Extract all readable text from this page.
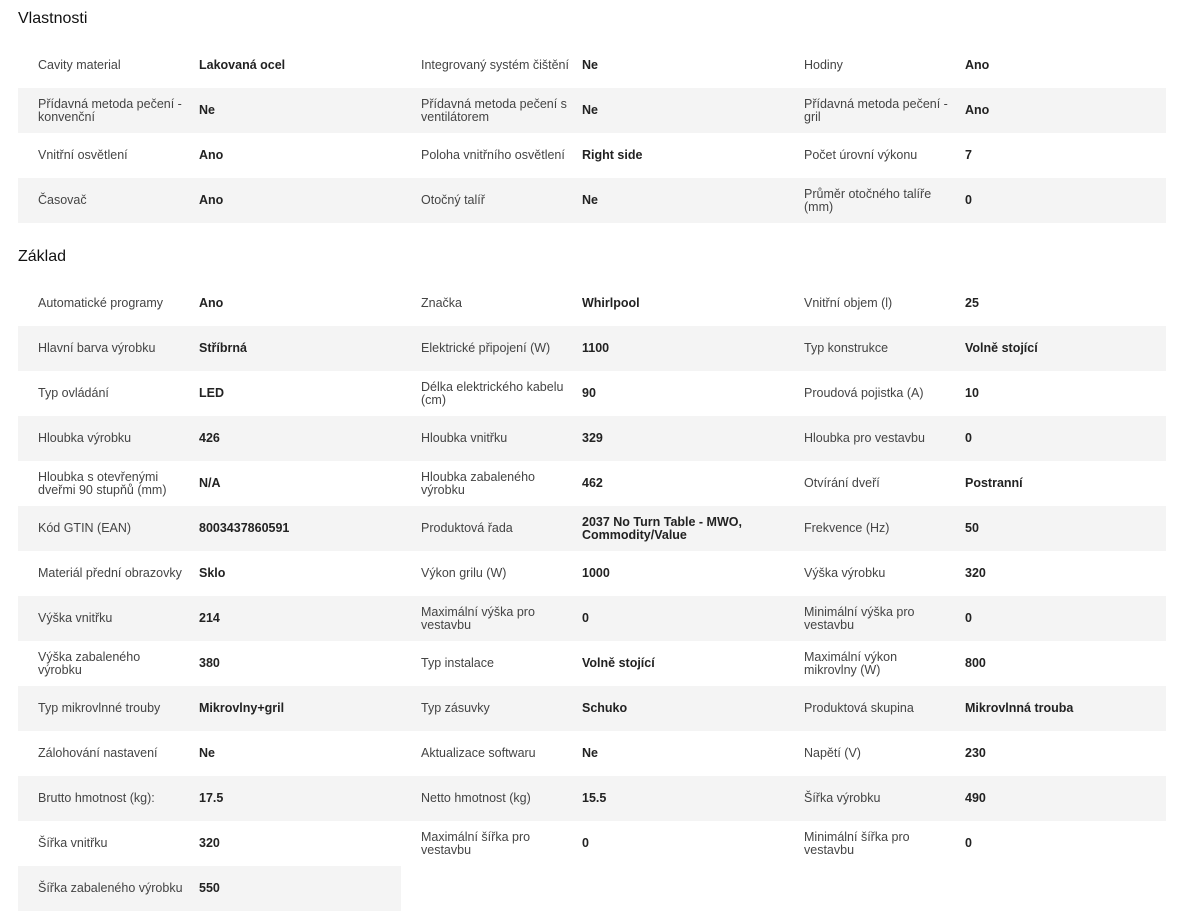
Vlastnosti
Cavity material	Lakovaná ocel	Integrovaný systém čištění	Ne	Hodiny	Ano
Přídavná metoda pečení - konvenční	Ne	Přídavná metoda pečení s ventilátorem	Ne	Přídavná metoda pečení - gril	Ano
Vnitřní osvětlení	Ano	Poloha vnitřního osvětlení	Right side	Počet úrovní výkonu	7
Časovač	Ano	Otočný talíř	Ne	Průměr otočného talíře (mm)	0
Základ
Automatické programy	Ano	Značka	Whirlpool	Vnitřní objem (l)	25
Hlavní barva výrobku	Stříbrná	Elektrické připojení (W)	1100	Typ konstrukce	Volně stojící
Typ ovládání	LED	Délka elektrického kabelu (cm)	90	Proudová pojistka (A)	10
Hloubka výrobku	426	Hloubka vnitřku	329	Hloubka pro vestavbu	0
Hloubka s otevřenými dveřmi 90 stupňů (mm)	N/A	Hloubka zabaleného výrobku	462	Otvírání dveří	Postranní
Kód GTIN (EAN)	8003437860591	Produktová řada	2037 No Turn Table - MWO, Commodity/Value	Frekvence (Hz)	50
Materiál přední obrazovky	Sklo	Výkon grilu (W)	1000	Výška výrobku	320
Výška vnitřku	214	Maximální výška pro vestavbu	0	Minimální výška pro vestavbu	0
Výška zabaleného výrobku	380	Typ instalace	Volně stojící	Maximální výkon mikrovlny (W)	800
Typ mikrovlnné trouby	Mikrovlny+gril	Typ zásuvky	Schuko	Produktová skupina	Mikrovlnná trouba
Zálohování nastavení	Ne	Aktualizace softwaru	Ne	Napětí (V)	230
Brutto hmotnost (kg):	17.5	Netto hmotnost (kg)	15.5	Šířka výrobku	490
Šířka vnitřku	320	Maximální šířka pro vestavbu	0	Minimální šířka pro vestavbu	0
Šířka zabaleného výrobku	550
